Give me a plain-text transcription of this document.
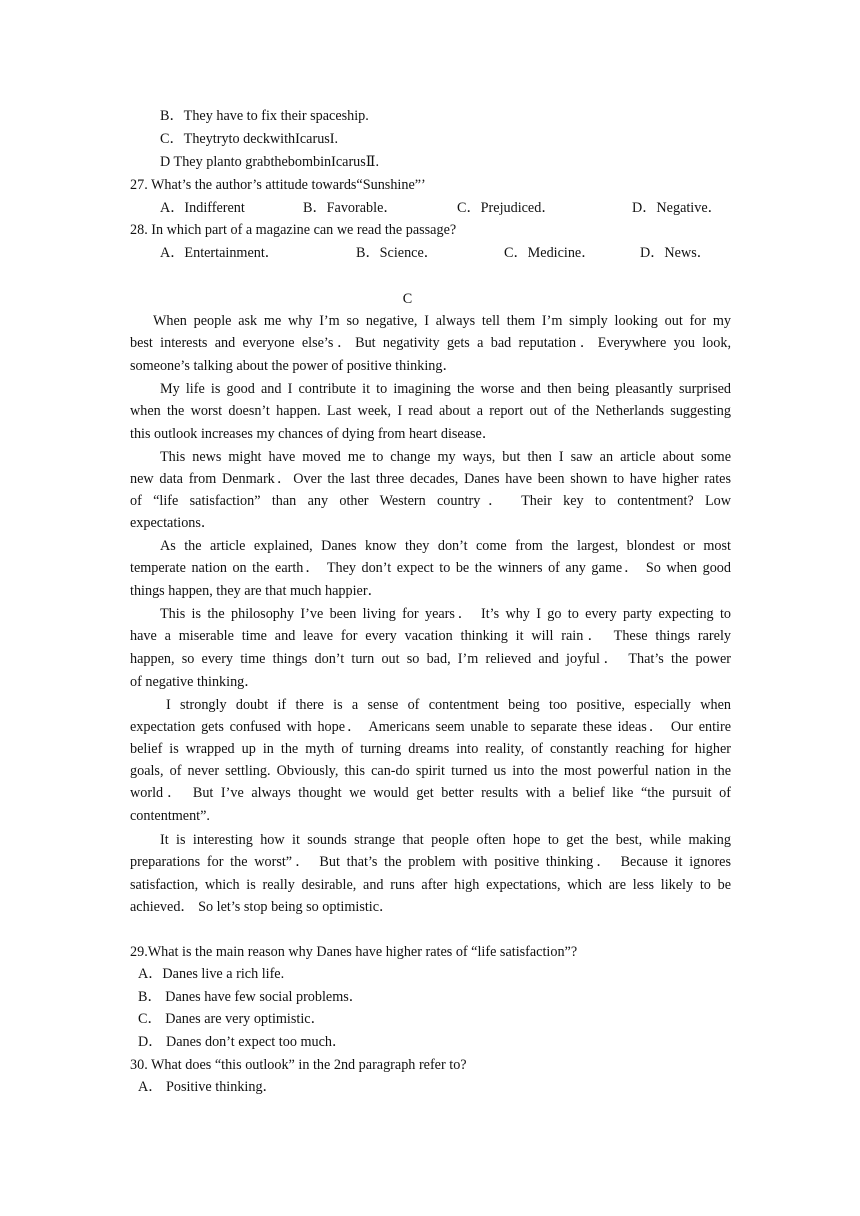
B．They have to fix their spaceship.
C．Theytryto deckwithIcarusI.
D They planto grabthebombinIcarusⅡ.
27. What’s the author’s attitude towards“Sunshine”’
A．Indifferent	B．Favorable．	C．Prejudiced．	D．Negative．
28. In which part of a magazine can we read the passage?
A．Entertainment．	B．Science．	C．Medicine．	D．News．
C
When people ask me why I’m so negative, I always tell them I’m simply looking out for my
best interests and everyone else’s．But negativity gets a bad reputation．Everywhere you look,
someone’s talking about the power of positive thinking．
My life is good and I contribute it to imagining the worse and then being pleasantly surprised
when the worst doesn’t happen. Last week, I read about a report out of the Netherlands suggesting
this outlook increases my chances of dying from heart disease．
This news might have moved me to change my ways, but then I saw an article about some
new data from Denmark．Over the last three decades, Danes have been shown to have higher rates
of “life satisfaction” than any other Western country． Their key to contentment? Low
expectations．
As the article explained, Danes know they don’t come from the largest, blondest or most
temperate nation on the earth． They don’t expect to be the winners of any game． So when good
things happen, they are that much happier．
This is the philosophy I’ve been living for years． It’s why I go to every party expecting to
have a miserable time and leave for every vacation thinking it will rain． These things rarely
happen, so every time things don’t turn out so bad, I’m relieved and joyful． That’s the power
of negative thinking．
I strongly doubt if there is a sense of contentment being too positive, especially when
expectation gets confused with hope． Americans seem unable to separate these ideas． Our entire
belief is wrapped up in the myth of turning dreams into reality, of constantly reaching for higher
goals, of never settling. Obviously, this can-do spirit turned us into the most powerful nation in the
world． But I’ve always thought we would get better results with a belief like “the pursuit of
contentment”.
It is interesting how it sounds strange that people often hope to get the best, while making
preparations for the worst”． But that’s the problem with positive thinking． Because it ignores
satisfaction, which is really desirable, and runs after high expectations, which are less likely to be
achieved． So let’s stop being so optimistic．
29.What is the main reason why Danes have higher rates of “life satisfaction”?
A．Danes live a rich life.
B． Danes have few social problems．
C． Danes are very optimistic．
D． Danes don’t expect too much．
30. What does “this outlook” in the 2nd paragraph refer to?
A． Positive thinking．
